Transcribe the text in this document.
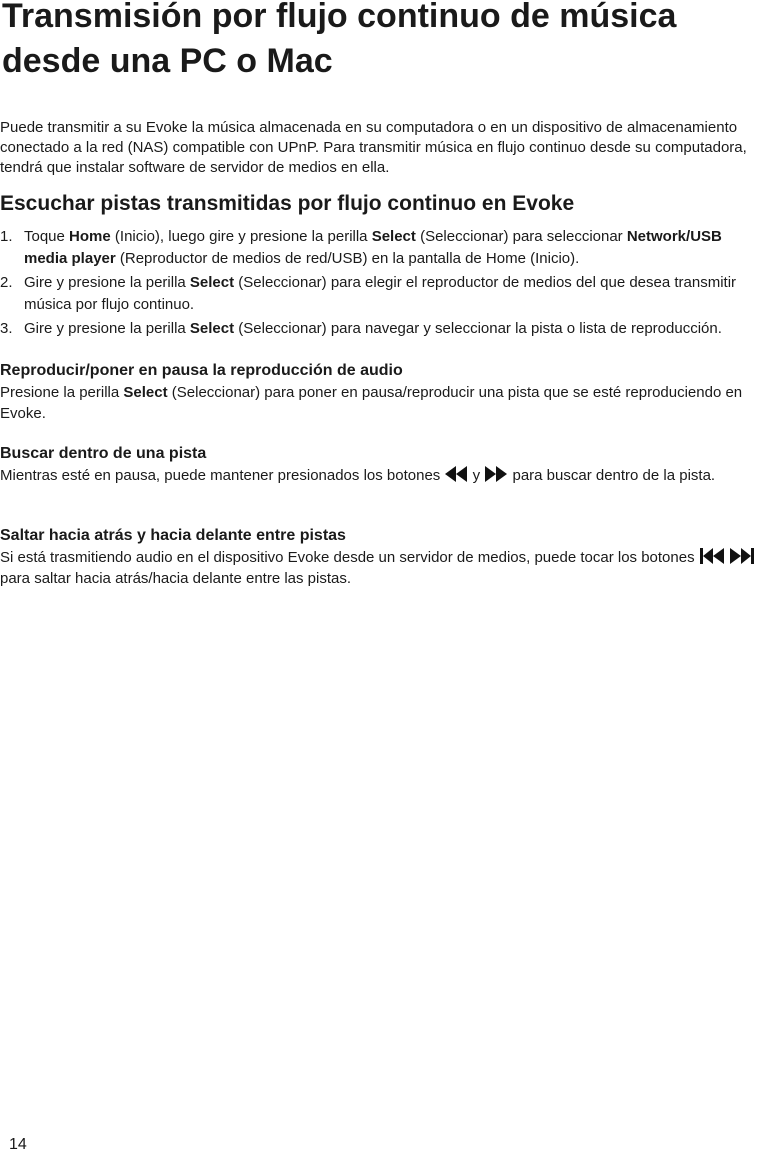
Transmisión por flujo continuo de música desde una PC o Mac

Puede transmitir a su Evoke la música almacenada en su computadora o en un dispositivo de almacenamiento conectado a la red (NAS) compatible con UPnP. Para transmitir música en flujo continuo desde su computadora, tendrá que instalar software de servidor de medios en ella.

Escuchar pistas transmitidas por flujo continuo en Evoke
1. Toque Home (Inicio), luego gire y presione la perilla Select (Seleccionar) para seleccionar Network/USB media player (Reproductor de medios de red/USB) en la pantalla de Home (Inicio).
2. Gire y presione la perilla Select (Seleccionar) para elegir el reproductor de medios del que desea transmitir música por flujo continuo.
3. Gire y presione la perilla Select (Seleccionar) para navegar y seleccionar la pista o lista de reproducción.
Reproducir/poner en pausa la reproducción de audio

Presione la perilla Select (Seleccionar) para poner en pausa/reproducir una pista que se esté reproduciendo en Evoke.

Buscar dentro de una pista

Mientras esté en pausa, puede mantener presionados los botones  y  para buscar dentro de la pista.

Saltar hacia atrás y hacia delante entre pistas

Si está trasmitiendo audio en el dispositivo Evoke desde un servidor de medios, puede tocar los botones   para saltar hacia atrás/hacia delante entre las pistas.

14
